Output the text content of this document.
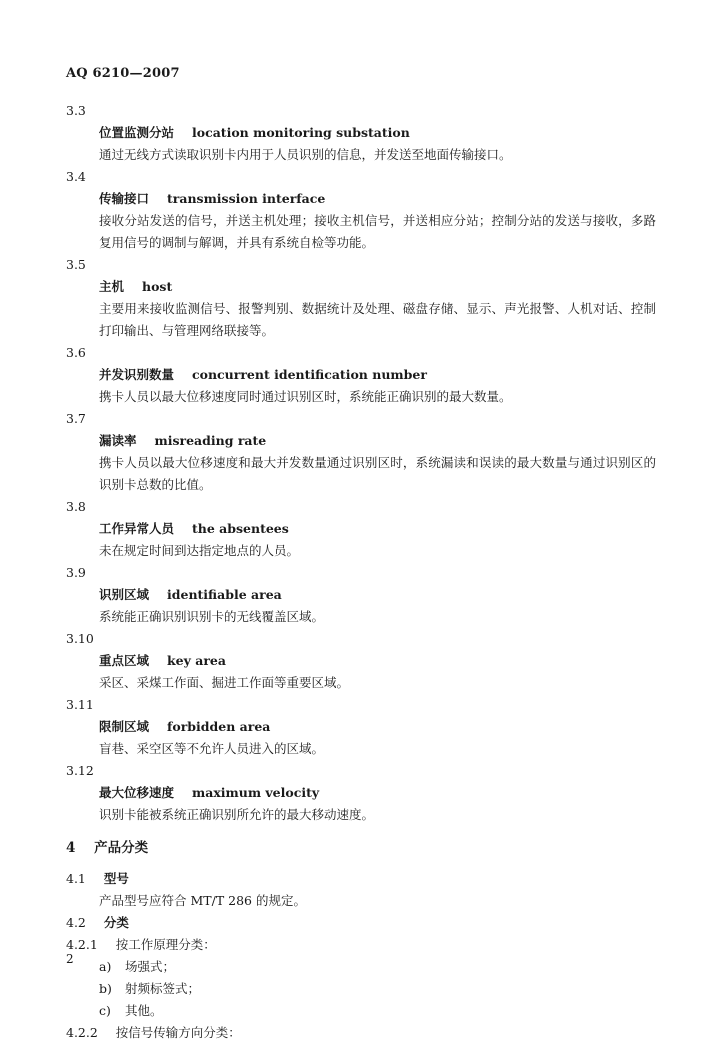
AQ 6210—2007
3.3
位置监测分站 location monitoring substation
通过无线方式读取识别卡内用于人员识别的信息，并发送至地面传输接口。
3.4
传输接口 transmission interface
接收分站发送的信号，并送主机处理；接收主机信号，并送相应分站；控制分站的发送与接收，多路复用信号的调制与解调，并具有系统自检等功能。
3.5
主机 host
主要用来接收监测信号、报警判别、数据统计及处理、磁盘存储、显示、声光报警、人机对话、控制打印输出、与管理网络联接等。
3.6
并发识别数量 concurrent identification number
携卡人员以最大位移速度同时通过识别区时，系统能正确识别的最大数量。
3.7
漏读率 misreading rate
携卡人员以最大位移速度和最大并发数量通过识别区时，系统漏读和误读的最大数量与通过识别区的识别卡总数的比值。
3.8
工作异常人员 the absentees
未在规定时间到达指定地点的人员。
3.9
识别区域 identifiable area
系统能正确识别识别卡的无线覆盖区域。
3.10
重点区域 key area
采区、采煤工作面、掘进工作面等重要区域。
3.11
限制区域 forbidden area
盲巷、采空区等不允许人员进入的区域。
3.12
最大位移速度 maximum velocity
识别卡能被系统正确识别所允许的最大移动速度。
4 产品分类
4.1 型号
产品型号应符合 MT/T 286 的规定。
4.2 分类
4.2.1 按工作原理分类：
a) 场强式；
b) 射频标签式；
c) 其他。
4.2.2 按信号传输方向分类：
2
